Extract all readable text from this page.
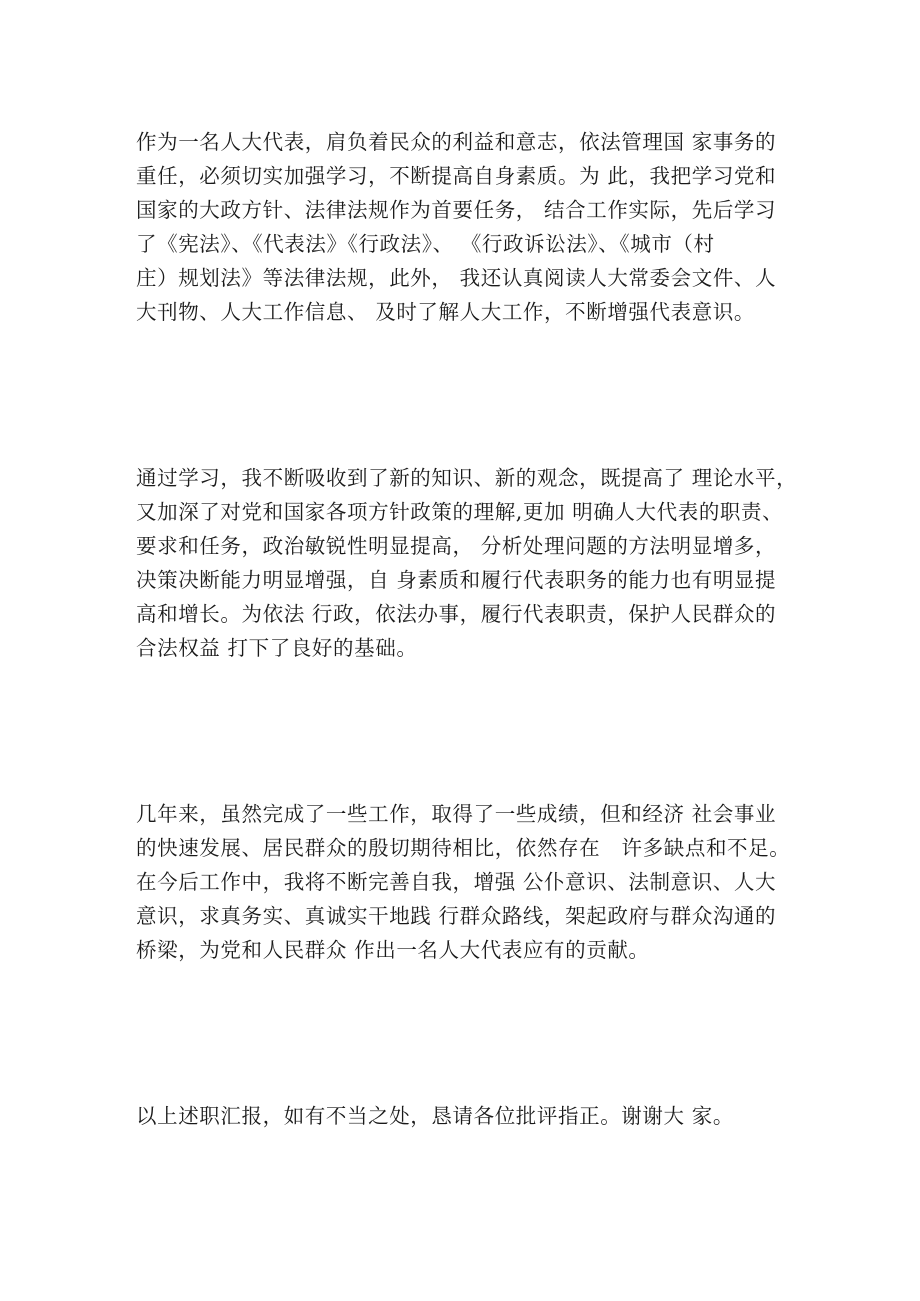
作为一名人大代表，肩负着民众的利益和意志，依法管理国 家事务的
重任，必须切实加强学习，不断提高自身素质。为 此，我把学习党和
国家的大政方针、法律法规作为首要任务， 结合工作实际，先后学习
了《宪法》、《代表法》《行政法》、 《行政诉讼法》、《城市（村
庄）规划法》等法律法规，此外， 我还认真阅读人大常委会文件、人
大刊物、人大工作信息、 及时了解人大工作，不断增强代表意识。
通过学习，我不断吸收到了新的知识、新的观念，既提高了 理论水平，
又加深了对党和国家各项方针政策的理解,更加 明确人大代表的职责、
要求和任务，政治敏锐性明显提高， 分析处理问题的方法明显增多，
决策决断能力明显增强，自 身素质和履行代表职务的能力也有明显提
高和增长。为依法 行政，依法办事，履行代表职责，保护人民群众的
合法权益 打下了良好的基础。
几年来，虽然完成了一些工作，取得了一些成绩，但和经济 社会事业
的快速发展、居民群众的殷切期待相比，依然存在   许多缺点和不足。
在今后工作中，我将不断完善自我，增强 公仆意识、法制意识、人大
意识，求真务实、真诚实干地践 行群众路线，架起政府与群众沟通的
桥梁，为党和人民群众 作出一名人大代表应有的贡献。
以上述职汇报，如有不当之处，恳请各位批评指正。谢谢大 家。
